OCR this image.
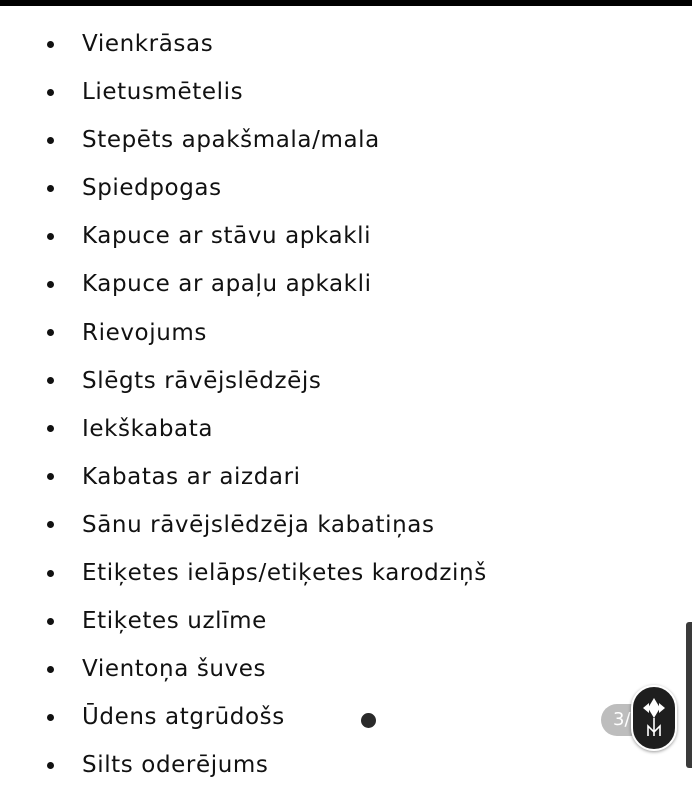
Vienkrāsas
Lietusmētelis
Stepēts apakšmala/mala
Spiedpogas
Kapuce ar stāvu apkakli
Kapuce ar apaļu apkakli
Rievojums
Slēgts rāvējslēdzējs
Iekškabata
Kabatas ar aizdari
Sānu rāvējslēdzēja kabatiņas
Etiķetes ielāps/etiķetes karodziņš
Etiķetes uzlīme
Vientoņa šuves
Ūdens atgrūdošs
Silts oderējums
3/
